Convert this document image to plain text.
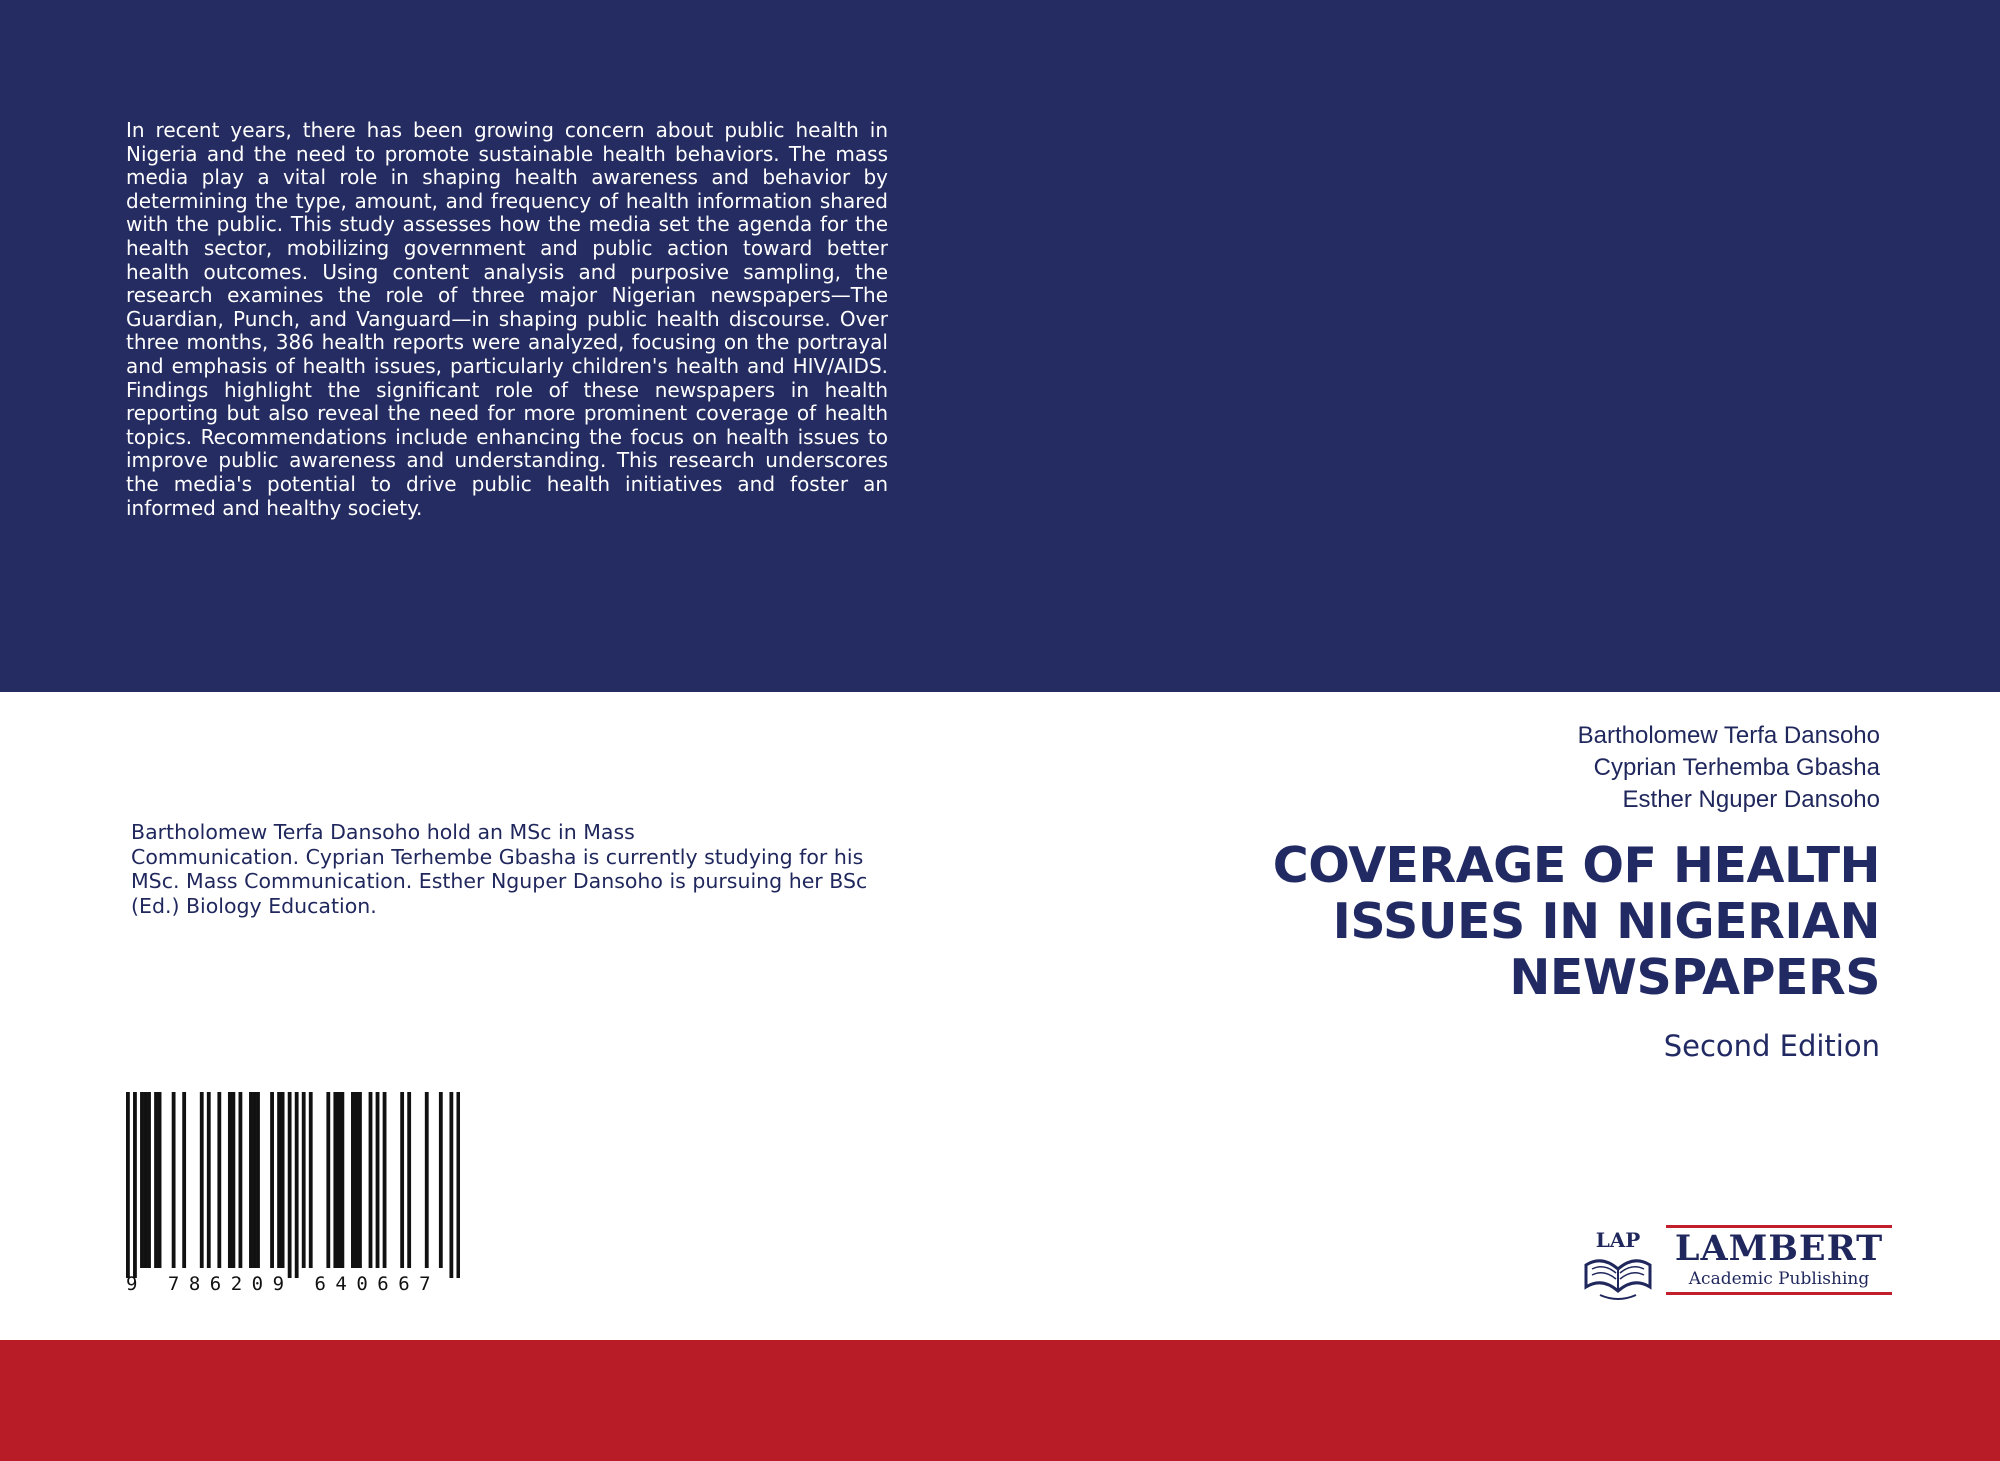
In recent years, there has been growing concern about public health in Nigeria and the need to promote sustainable health behaviors. The mass media play a vital role in shaping health awareness and behavior by determining the type, amount, and frequency of health information shared with the public. This study assesses how the media set the agenda for the health sector, mobilizing government and public action toward better health outcomes. Using content analysis and purposive sampling, the research examines the role of three major Nigerian newspapers—The Guardian, Punch, and Vanguard—in shaping public health discourse. Over three months, 386 health reports were analyzed, focusing on the portrayal and emphasis of health issues, particularly children's health and HIV/AIDS. Findings highlight the significant role of these newspapers in health reporting but also reveal the need for more prominent coverage of health topics. Recommendations include enhancing the focus on health issues to improve public awareness and understanding. This research underscores the media's potential to drive public health initiatives and foster an informed and healthy society.

Bartholomew Terfa Dansoho hold an MSc in Mass
Communication. Cyprian Terhembe Gbasha is currently studying for his
MSc. Mass Communication. Esther Nguper Dansoho is pursuing her BSc
(Ed.) Biology Education.
Bartholomew Terfa Dansoho
Cyprian Terhemba Gbasha
Esther Nguper Dansoho
COVERAGE OF HEALTH
ISSUES IN NIGERIAN
NEWSPAPERS
Second Edition
9 786209 640667
LAP LAMBERT
Academic Publishing
